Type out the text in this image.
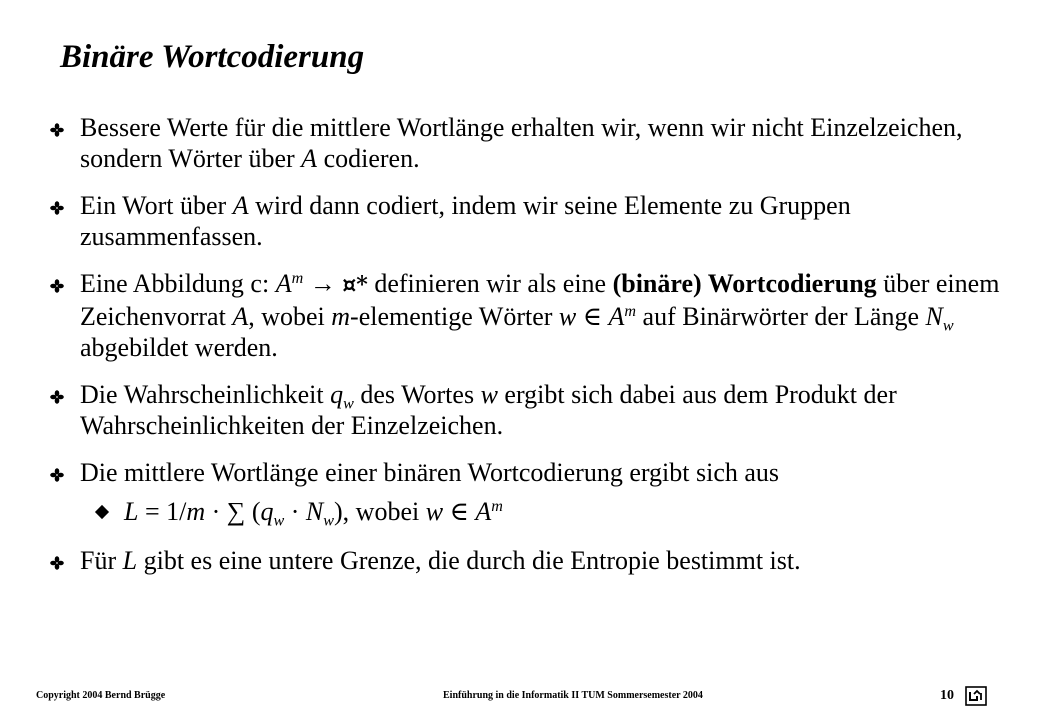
Binäre Wortcodierung
Bessere Werte für die mittlere Wortlänge erhalten wir, wenn wir nicht Einzelzeichen, sondern Wörter über A codieren.
Ein Wort über A wird dann codiert, indem wir seine Elemente zu Gruppen zusammenfassen.
Eine Abbildung c: $A^m$ → ¤* definieren wir als eine (binäre) Wortcodierung über einem Zeichenvorrat A, wobei m-elementige Wörter w ∈ $A^m$ auf Binärwörter der Länge $N_w$ abgebildet werden.
Die Wahrscheinlichkeit $q_w$ des Wortes w ergibt sich dabei aus dem Produkt der Wahrscheinlichkeiten der Einzelzeichen.
Die mittlere Wortlänge einer binären Wortcodierung ergibt sich aus
L = 1/m · ∑ $(q_w \cdot N_w)$, wobei w ∈ $A^m$
Für L gibt es eine untere Grenze, die durch die Entropie bestimmt ist.
Copyright 2004 Bernd Brügge	Einführung in die Informatik II TUM Sommersemester 2004	10
